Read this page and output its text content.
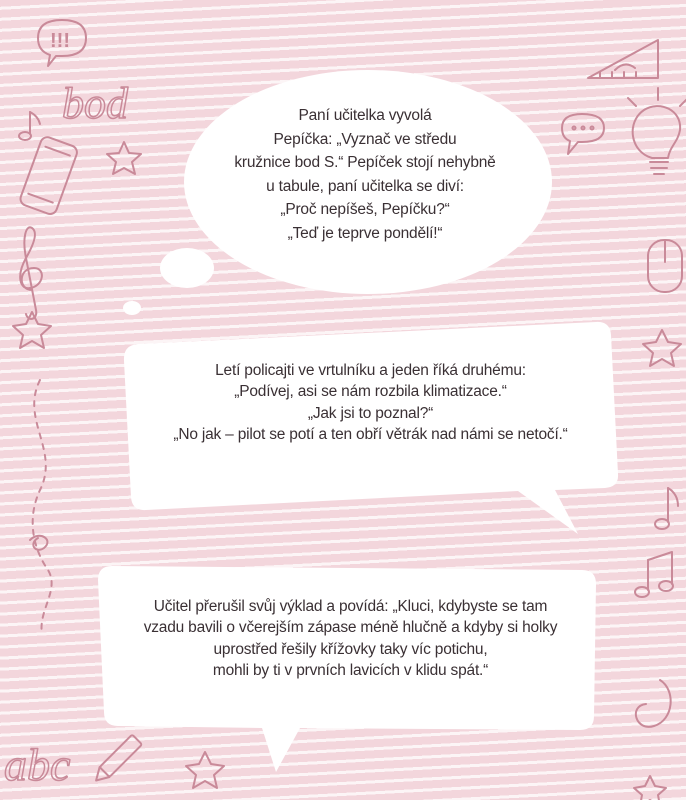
!!!
bod
abc

Paní učitelka vyvolá

Pepíčka: „Vyznač ve středu

kružnice bod S.“ Pepíček stojí nehybně

u tabule, paní učitelka se diví:

„Proč nepíšeš, Pepíčku?“

„Teď je teprve pondělí!“

Letí policajti ve vrtulníku a jeden říká druhému:

„Podívej, asi se nám rozbila klimatizace.“

„Jak jsi to poznal?“

„No jak – pilot se potí a ten obří větrák nad námi se netočí.“

Učitel přerušil svůj výklad a povídá: „Kluci, kdybyste se tam

vzadu bavili o včerejším zápase méně hlučně a kdyby si holky

uprostřed řešily křížovky taky víc potichu,

mohli by ti v prvních lavicích v klidu spát.“
